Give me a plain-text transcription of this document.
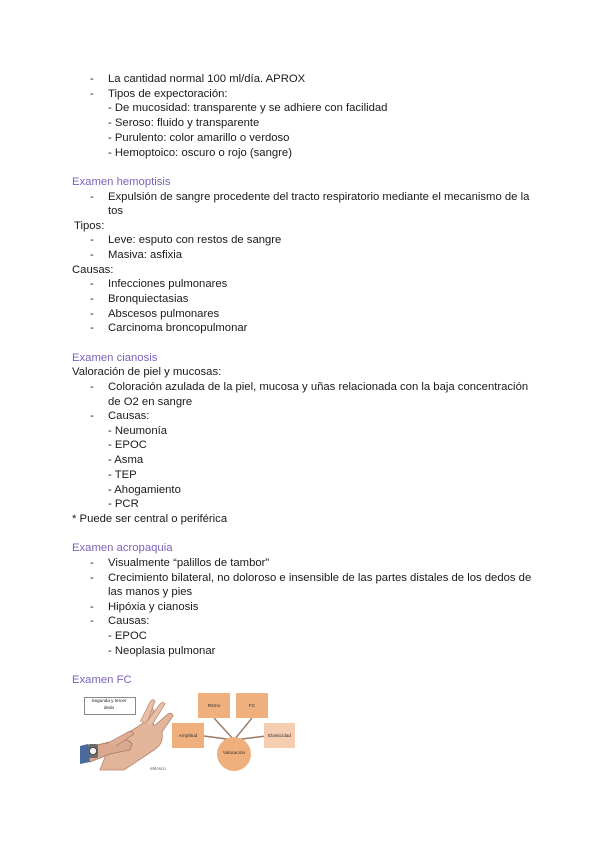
- La cantidad normal 100 ml/día. APROX
- Tipos de expectoración:
- De mucosidad: transparente y se adhiere con facilidad
- Seroso: fluido y transparente
- Purulento: color amarillo o verdoso
- Hemoptoico: oscuro o rojo (sangre)
Examen hemoptisis
- Expulsión de sangre procedente del tracto respiratorio mediante el mecanismo de la
tos
Tipos:
- Leve: esputo con restos de sangre
- Masiva: asfixia
Causas:
- Infecciones pulmonares
- Bronquiectasias
- Abscesos pulmonares
- Carcinoma broncopulmonar
Examen cianosis
Valoración de piel y mucosas:
- Coloración azulada de la piel, mucosa y uñas relacionada con la baja concentración
de O2 en sangre
- Causas:
- Neumonía
- EPOC
- Asma
- TEP
- Ahogamiento
- PCR
* Puede ser central o periférica
Examen acropaquia
- Visualmente “palillos de tambor”
- Crecimiento bilateral, no doloroso e insensible de las partes distales de los dedos de
las manos y pies
- Hipóxia y cianosis
- Causas:
- EPOC
- Neoplasia pulmonar
Examen FC
Segunda y tercer dedo
eMoscú
Ritmo	FC
Amplitud	Elasticidad
Valoración
